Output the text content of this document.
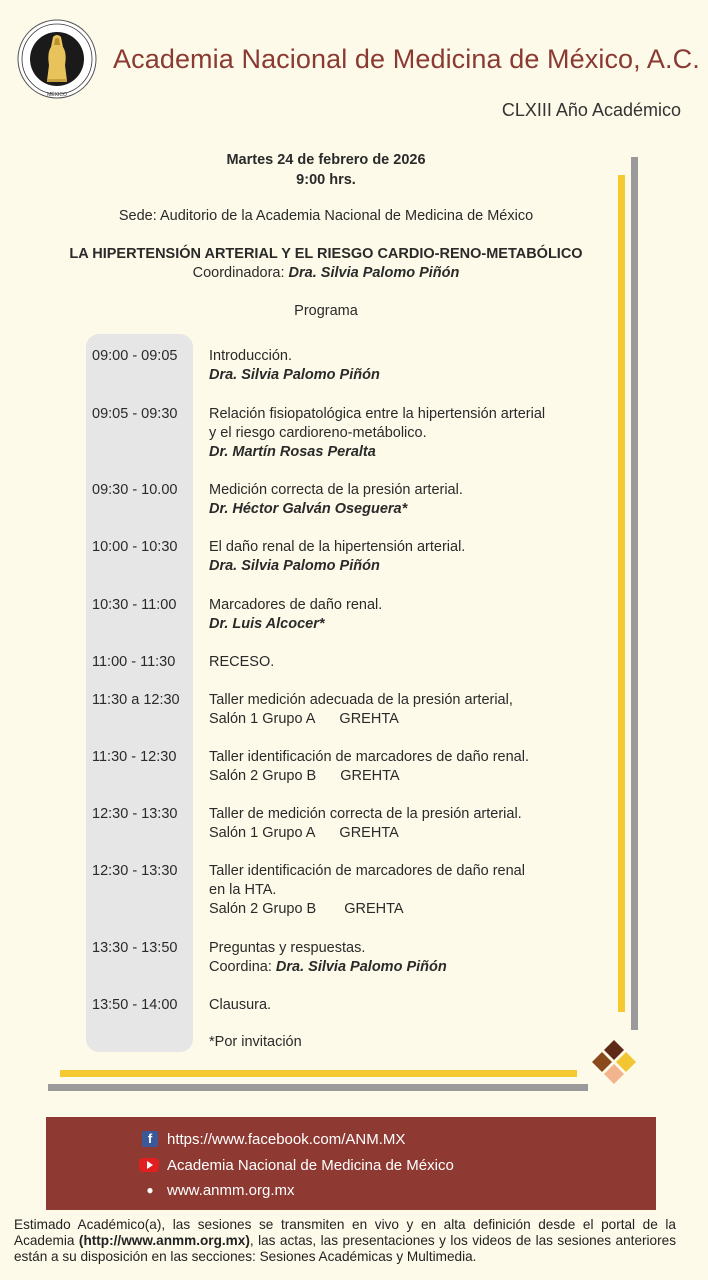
MÉXICO
Academia Nacional de Medicina de México, A.C.
CLXIII Año Académico
Martes 24 de febrero de 2026
9:00 hrs.
Sede: Auditorio de la Academia Nacional de Medicina de México
LA HIPERTENSIÓN ARTERIAL Y EL RIESGO CARDIO-RENO-METABÓLICO
Coordinadora: Dra. Silvia Palomo Piñón
Programa
09:00 - 09:05 Introducción.
Dra. Silvia Palomo Piñón
09:05 - 09:30 Relación fisiopatológica entre la hipertensión arterial
y el riesgo cardioreno-metábolico.
Dr. Martín Rosas Peralta
09:30 - 10.00 Medición correcta de la presión arterial.
Dr. Héctor Galván Oseguera*
10:00 - 10:30 El daño renal de la hipertensión arterial.
Dra. Silvia Palomo Piñón
10:30 - 11:00 Marcadores de daño renal.
Dr. Luis Alcocer*
11:00 - 11:30 RECESO.
11:30 a 12:30 Taller medición adecuada de la presión arterial,
Salón 1 Grupo A GREHTA
11:30 - 12:30 Taller identificación de marcadores de daño renal.
Salón 2 Grupo B GREHTA
12:30 - 13:30 Taller de medición correcta de la presión arterial.
Salón 1 Grupo A GREHTA
12:30 - 13:30 Taller identificación de marcadores de daño renal
en la HTA.
Salón 2 Grupo B GREHTA
13:30 - 13:50 Preguntas y respuestas.
Coordina: Dra. Silvia Palomo Piñón
13:50 - 14:00 Clausura.
*Por invitación
f https://www.facebook.com/ANM.MX
Academia Nacional de Medicina de México
● www.anmm.org.mx
Estimado Académico(a), las sesiones se transmiten en vivo y en alta definición desde el portal de la Academia (http://www.anmm.org.mx), las actas, las presentaciones y los videos de las sesiones anteriores están a su disposición en las secciones: Sesiones Académicas y Multimedia.
